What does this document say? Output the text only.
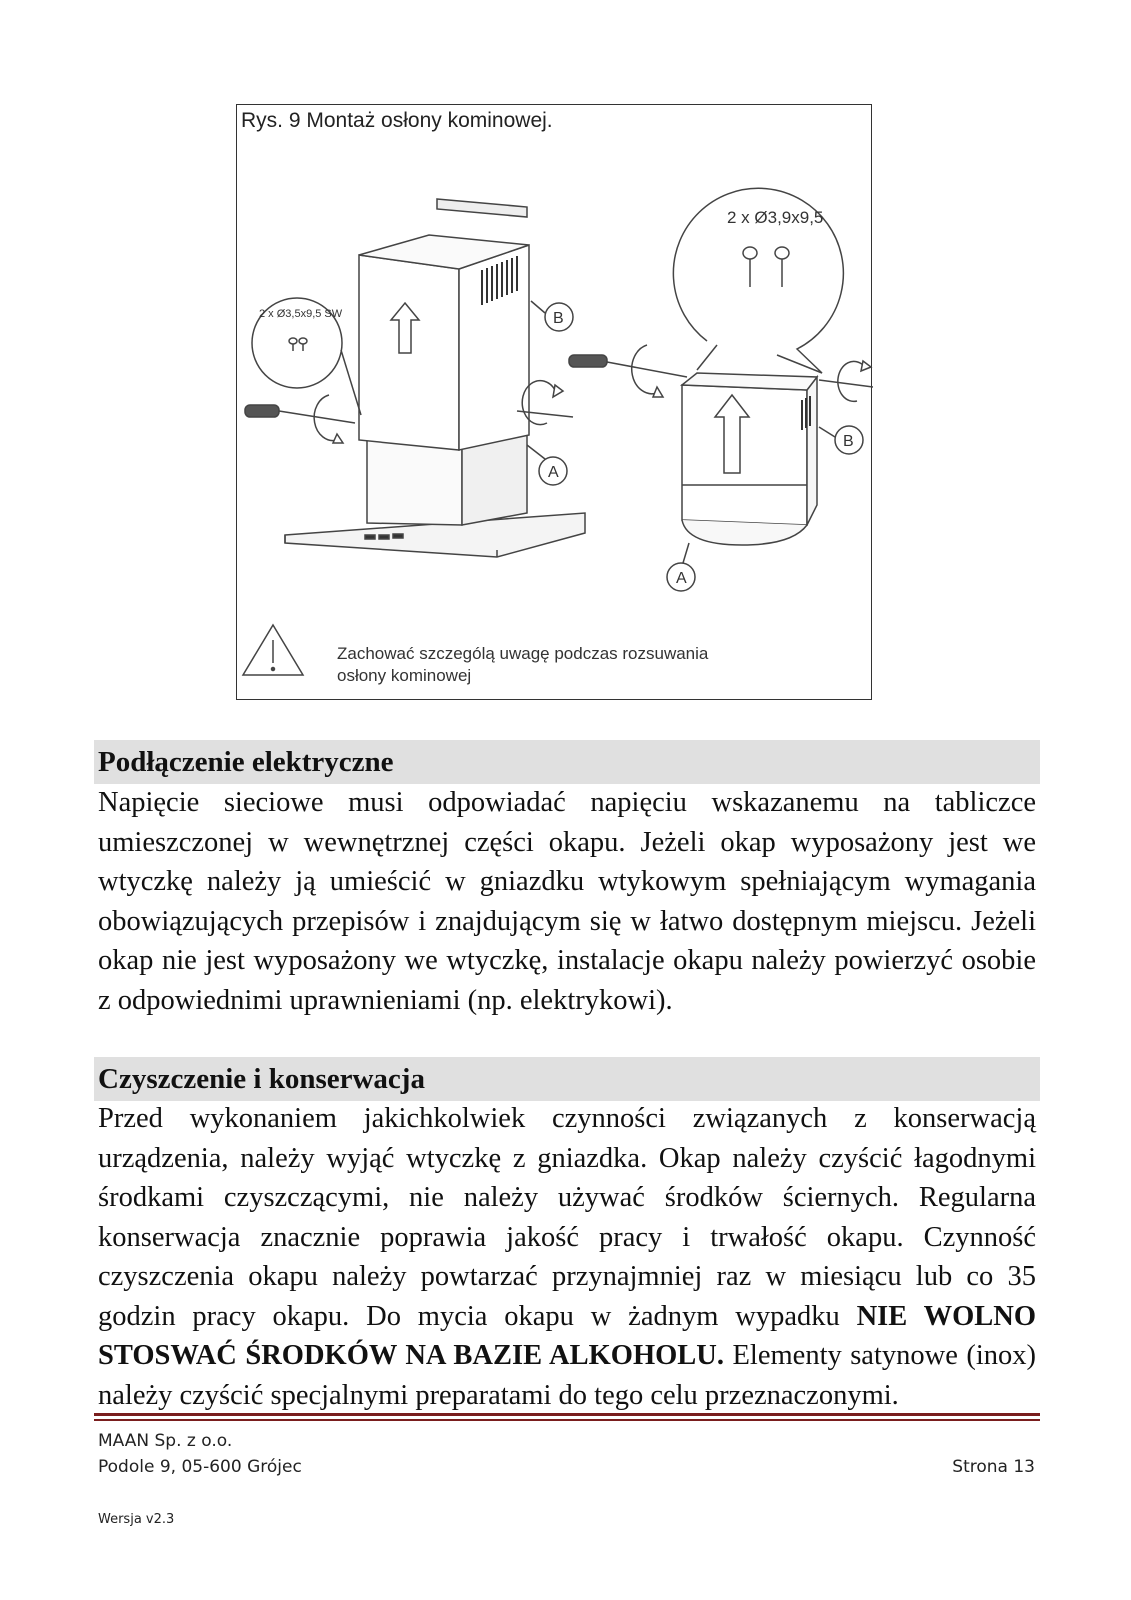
2 x Ø3,5x9,5 SW
2 x Ø3,9x9,5
B
A
B
A
Rys. 9 Montaż osłony kominowej.
Zachować szczególą uwagę podczas rozsuwania
osłony kominowej
Podłączenie elektryczne

Napięcie sieciowe musi odpowiadać napięciu wskazanemu na tabliczce umieszczonej w wewnętrznej części okapu. Jeżeli okap wyposażony jest we wtyczkę należy ją umieścić w gniazdku wtykowym spełniającym wymagania obowiązujących przepisów i znajdującym się w łatwo dostępnym miejscu. Jeżeli okap nie jest wyposażony we wtyczkę, instalacje okapu należy powierzyć osobie z odpowiednimi uprawnieniami (np. elektrykowi).

Czyszczenie i konserwacja

Przed wykonaniem jakichkolwiek czynności związanych z konserwacją urządzenia, należy wyjąć wtyczkę z gniazdka. Okap należy czyścić łagodnymi środkami czyszczącymi, nie należy używać środków ściernych. Regularna konserwacja znacznie poprawia jakość pracy i trwałość okapu. Czynność czyszczenia okapu należy powtarzać przynajmniej raz w miesiącu lub co 35 godzin pracy okapu. Do mycia okapu w żadnym wypadku NIE WOLNO STOSWAĆ ŚRODKÓW NA BAZIE ALKOHOLU. Elementy satynowe (inox) należy czyścić specjalnymi preparatami do tego celu przeznaczonymi.

MAAN Sp. z o.o.
Podole 9, 05-600 Grójec	Strona 13
Wersja v2.3
